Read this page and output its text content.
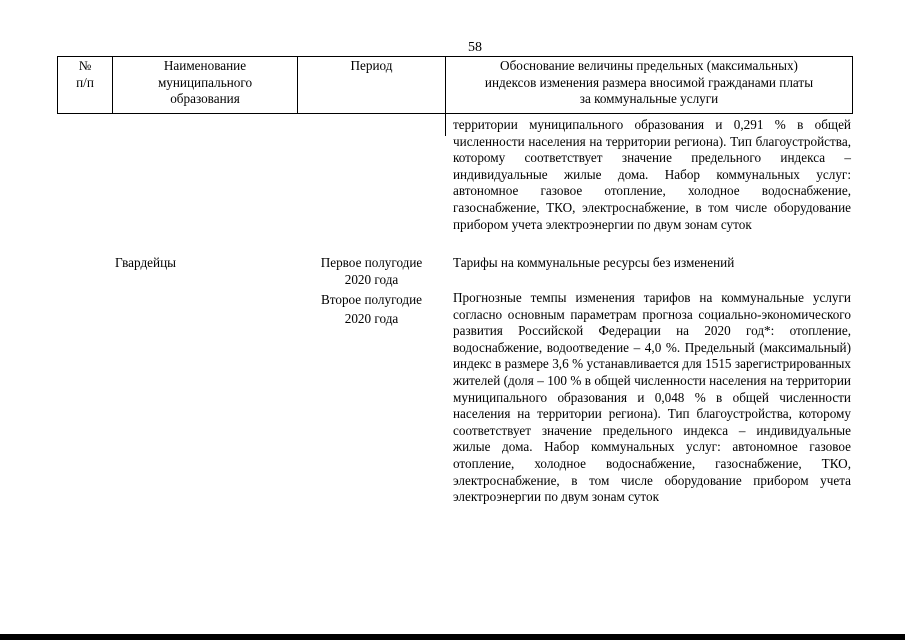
58
№
п/п
Наименование
муниципального
образования
Период	Обоснование величины предельных (максимальных)
индексов изменения размера вносимой гражданами платы
за коммунальные услуги
территории муниципального образования и 0,291 % в общей численности населения на территории региона). Тип благоустройства, которому соответствует значение предельного индекса – индивидуальные жилые дома. Набор коммунальных услуг: автономное газовое отопление, холодное водоснабжение, газоснабжение, ТКО, электроснабжение, в том числе оборудование прибором учета электроэнергии по двум зонам суток
Гвардейцы	Первое полугодие
2020 года
Тарифы на коммунальные ресурсы без изменений
Второе полугодие
2020 года
Прогнозные темпы изменения тарифов на коммунальные услуги согласно основным параметрам прогноза социально-экономического развития Российской Федерации на 2020 год*: отопление, водоснабжение, водоотведение – 4,0 %. Предельный (максимальный) индекс в размере 3,6 % устанавливается для 1515 зарегистрированных жителей (доля – 100 % в общей численности населения на территории муниципального образования и 0,048 % в общей численности населения на территории региона). Тип благоустройства, которому соответствует значение предельного индекса – индивидуальные жилые дома. Набор коммунальных услуг: автономное газовое отопление, холодное водоснабжение, газоснабжение, ТКО, электроснабжение, в том числе оборудование прибором учета электроэнергии по двум зонам суток
